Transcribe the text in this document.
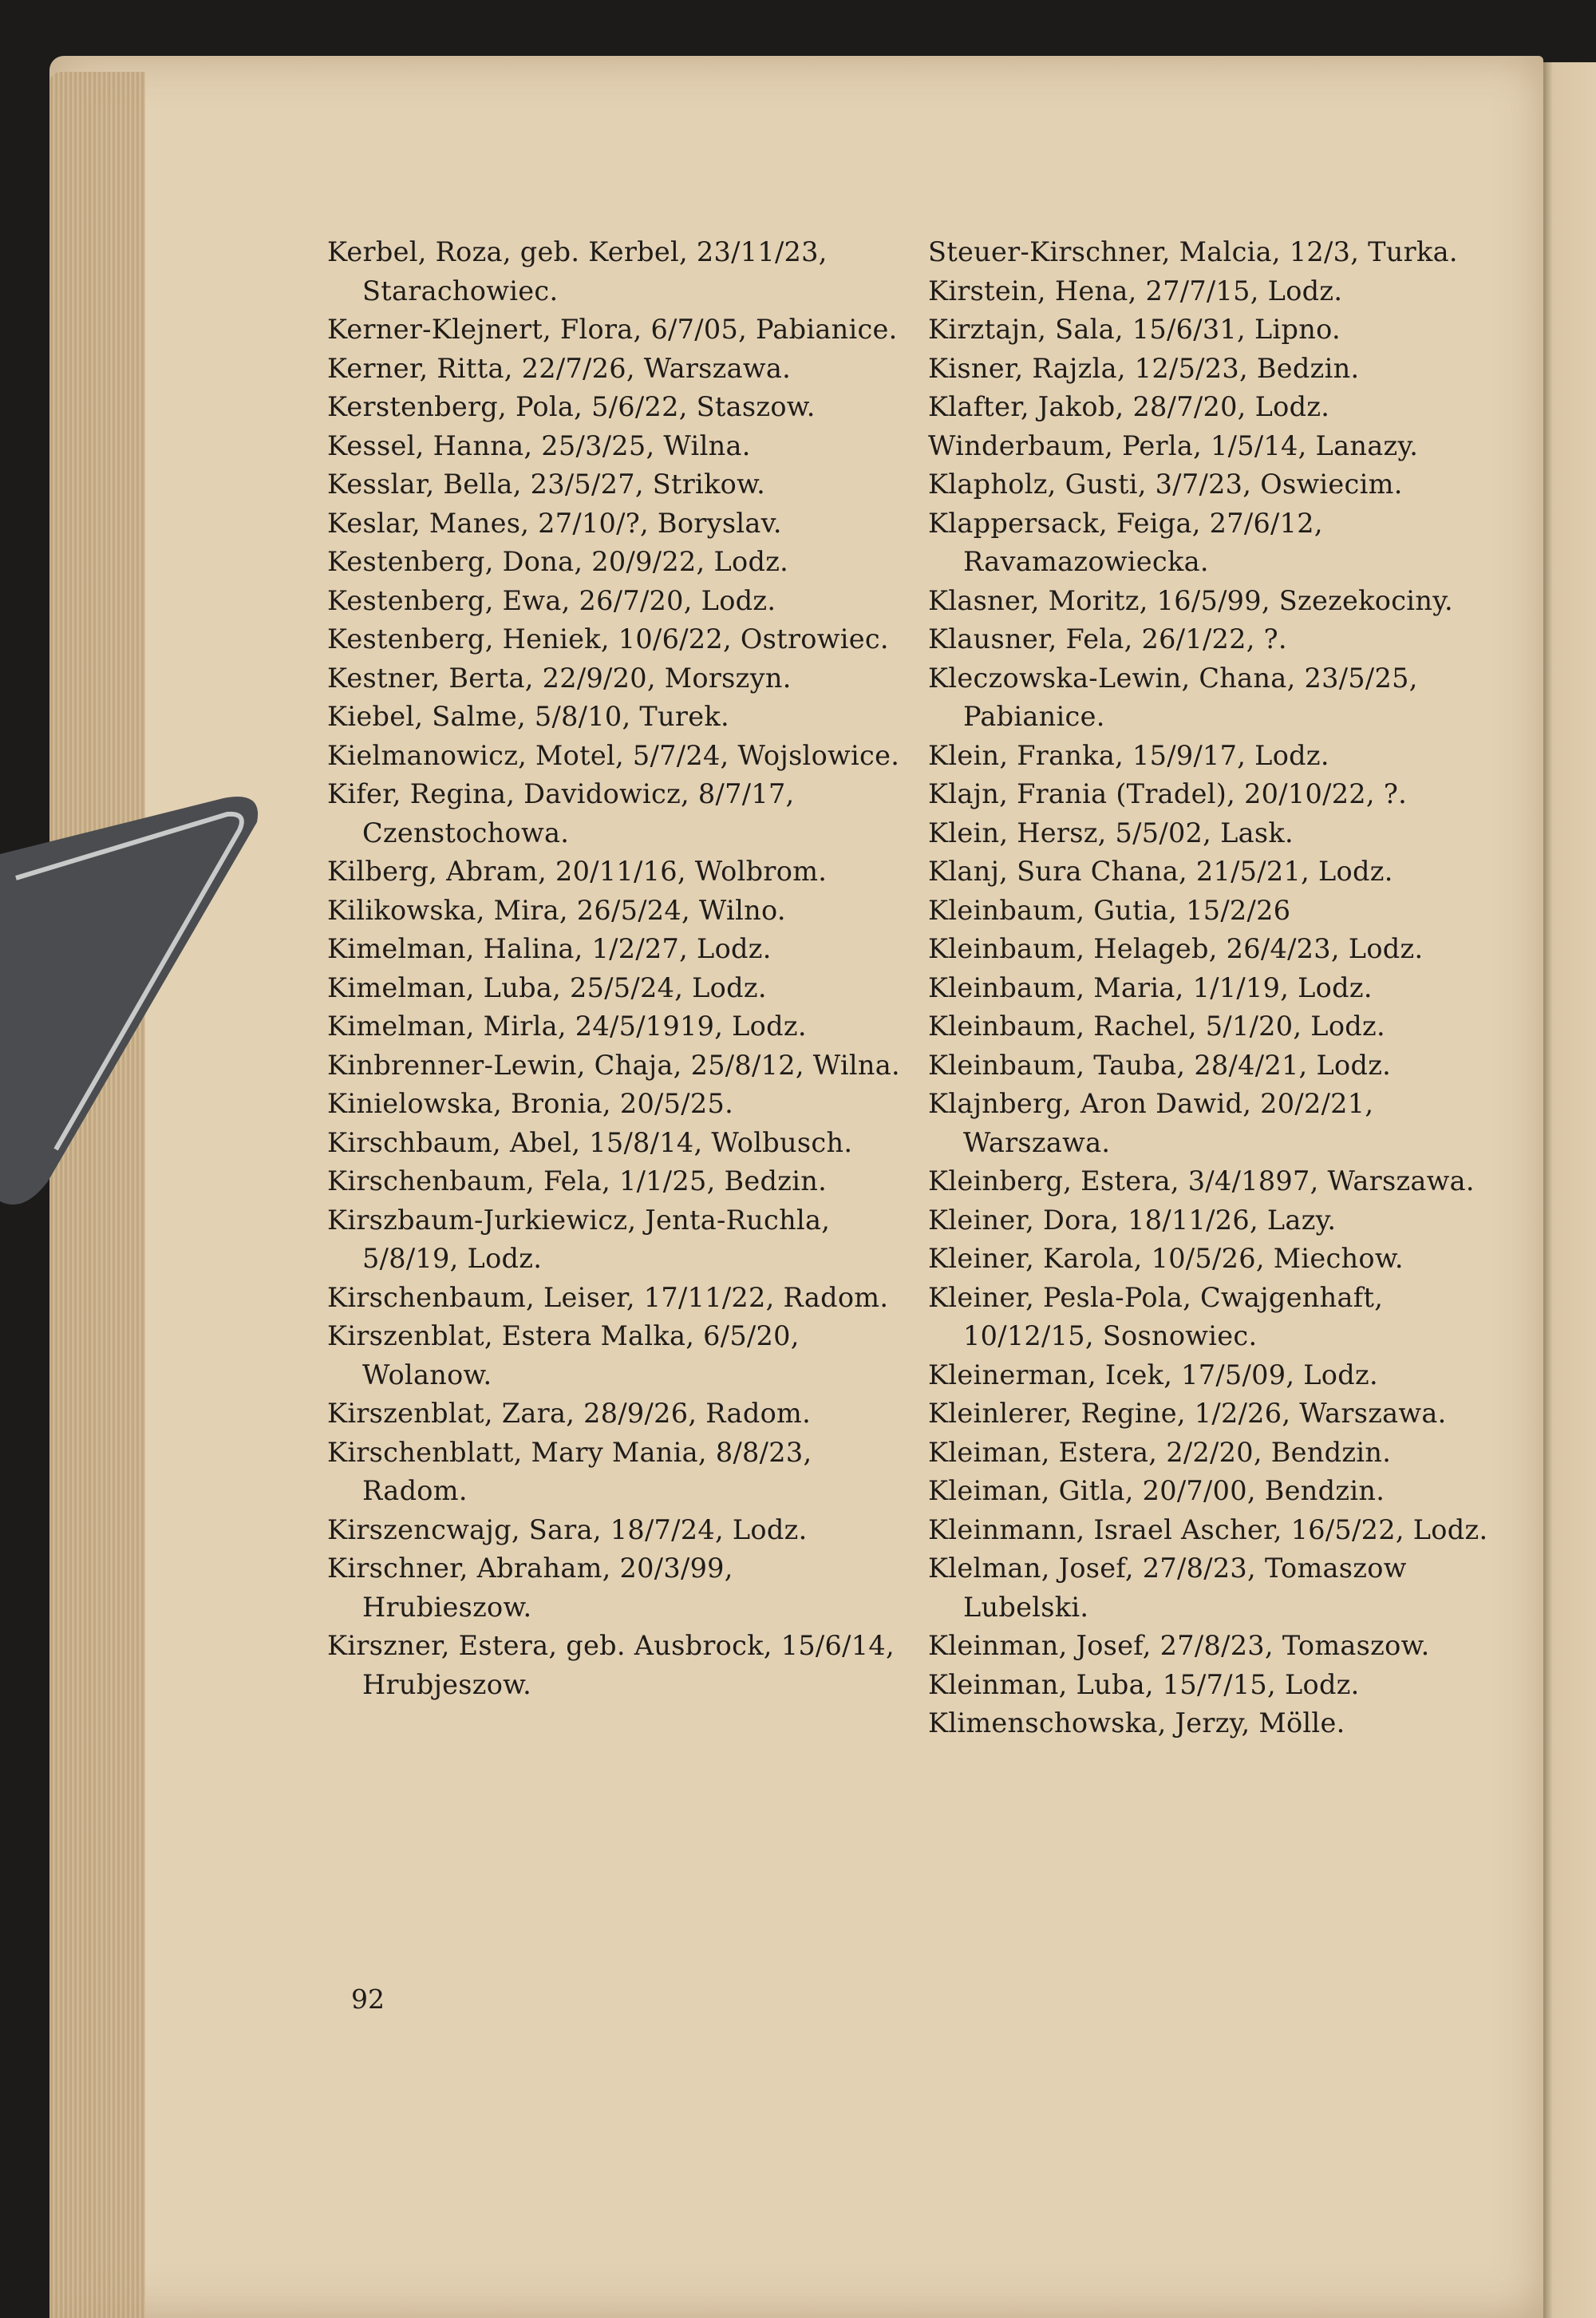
Kerbel, Roza, geb. Kerbel, 23/11/23, Starachowiec.

Kerner-Klejnert, Flora, 6/7/05, Pabianice.

Kerner, Ritta, 22/7/26, Warszawa.

Kerstenberg, Pola, 5/6/22, Staszow.

Kessel, Hanna, 25/3/25, Wilna.

Kesslar, Bella, 23/5/27, Strikow.

Keslar, Manes, 27/10/?, Boryslav.

Kestenberg, Dona, 20/9/22, Lodz.

Kestenberg, Ewa, 26/7/20, Lodz.

Kestenberg, Heniek, 10/6/22, Ostrowiec.

Kestner, Berta, 22/9/20, Morszyn.

Kiebel, Salme, 5/8/10, Turek.

Kielmanowicz, Motel, 5/7/24, Wojslowice.

Kifer, Regina, Davidowicz, 8/7/17, Czenstochowa.

Kilberg, Abram, 20/11/16, Wolbrom.

Kilikowska, Mira, 26/5/24, Wilno.

Kimelman, Halina, 1/2/27, Lodz.

Kimelman, Luba, 25/5/24, Lodz.

Kimelman, Mirla, 24/5/1919, Lodz.

Kinbrenner-Lewin, Chaja, 25/8/12, Wilna.

Kinielowska, Bronia, 20/5/25.

Kirschbaum, Abel, 15/8/14, Wolbusch.

Kirschenbaum, Fela, 1/1/25, Bedzin.

Kirszbaum-Jurkiewicz, Jenta-Ruchla, 5/8/19, Lodz.

Kirschenbaum, Leiser, 17/11/22, Radom.

Kirszenblat, Estera Malka, 6/5/20, Wolanow.

Kirszenblat, Zara, 28/9/26, Radom.

Kirschenblatt, Mary Mania, 8/8/23, Radom.

Kirszencwajg, Sara, 18/7/24, Lodz.

Kirschner, Abraham, 20/3/99, Hrubieszow.

Kirszner, Estera, geb. Ausbrock, 15/6/14, Hrubjeszow.

Steuer-Kirschner, Malcia, 12/3, Turka.

Kirstein, Hena, 27/7/15, Lodz.

Kirztajn, Sala, 15/6/31, Lipno.

Kisner, Rajzla, 12/5/23, Bedzin.

Klafter, Jakob, 28/7/20, Lodz.

Winderbaum, Perla, 1/5/14, Lanazy.

Klapholz, Gusti, 3/7/23, Oswiecim.

Klappersack, Feiga, 27/6/12, Ravamazowiecka.

Klasner, Moritz, 16/5/99, Szezekociny.

Klausner, Fela, 26/1/22, ?.

Kleczowska-Lewin, Chana, 23/5/25, Pabianice.

Klein, Franka, 15/9/17, Lodz.

Klajn, Frania (Tradel), 20/10/22, ?.

Klein, Hersz, 5/5/02, Lask.

Klanj, Sura Chana, 21/5/21, Lodz.

Kleinbaum, Gutia, 15/2/26

Kleinbaum, Helageb, 26/4/23, Lodz.

Kleinbaum, Maria, 1/1/19, Lodz.

Kleinbaum, Rachel, 5/1/20, Lodz.

Kleinbaum, Tauba, 28/4/21, Lodz.

Klajnberg, Aron Dawid, 20/2/21, Warszawa.

Kleinberg, Estera, 3/4/1897, Warszawa.

Kleiner, Dora, 18/11/26, Lazy.

Kleiner, Karola, 10/5/26, Miechow.

Kleiner, Pesla-Pola, Cwajgenhaft, 10/12/15, Sosnowiec.

Kleinerman, Icek, 17/5/09, Lodz.

Kleinlerer, Regine, 1/2/26, Warszawa.

Kleiman, Estera, 2/2/20, Bendzin.

Kleiman, Gitla, 20/7/00, Bendzin.

Kleinmann, Israel Ascher, 16/5/22, Lodz.

Klelman, Josef, 27/8/23, Tomaszow Lubelski.

Kleinman, Josef, 27/8/23, Tomaszow.

Kleinman, Luba, 15/7/15, Lodz.

Klimenschowska, Jerzy, Mölle.

92
